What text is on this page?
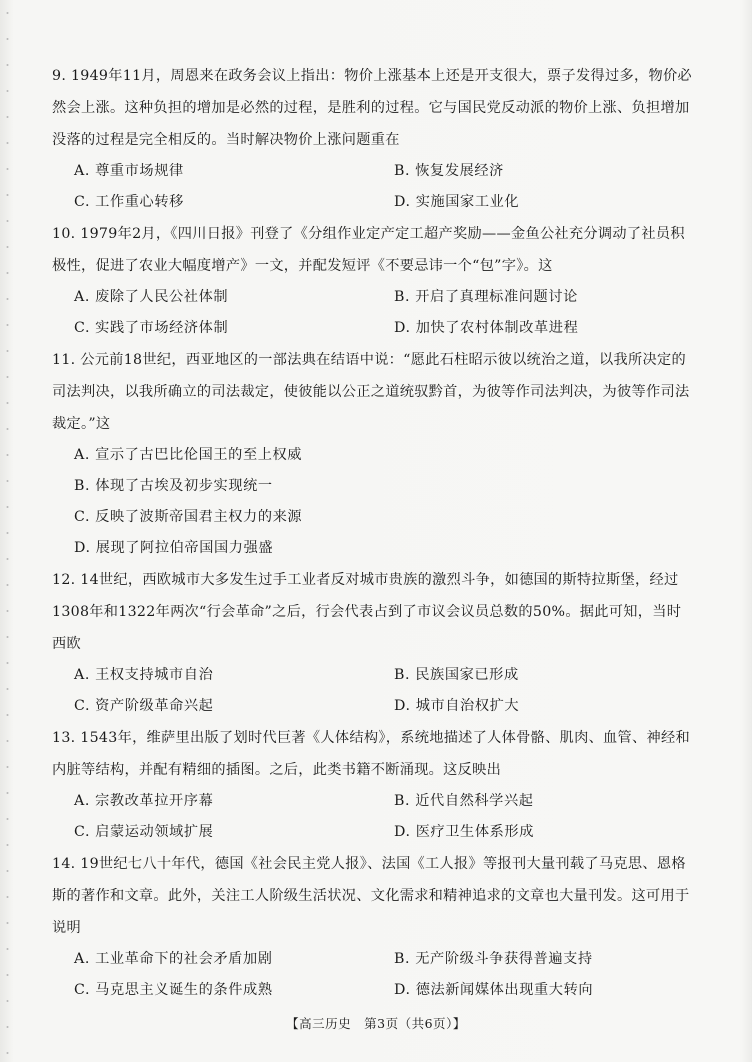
9. 1949年11月，周恩来在政务会议上指出：物价上涨基本上还是开支很大，票子发得过多，物价必然会上涨。这种负担的增加是必然的过程，是胜利的过程。它与国民党反动派的物价上涨、负担增加没落的过程是完全相反的。当时解决物价上涨问题重在

A. 尊重市场规律	B. 恢复发展经济
C. 工作重心转移	D. 实施国家工业化

10. 1979年2月，《四川日报》刊登了《分组作业定产定工超产奖励——金鱼公社充分调动了社员积极性，促进了农业大幅度增产》一文，并配发短评《不要忌讳一个“包”字》。这

A. 废除了人民公社体制	B. 开启了真理标准问题讨论
C. 实践了市场经济体制	D. 加快了农村体制改革进程

11. 公元前18世纪，西亚地区的一部法典在结语中说：“愿此石柱昭示彼以统治之道，以我所决定的司法判决，以我所确立的司法裁定，使彼能以公正之道统驭黔首，为彼等作司法判决，为彼等作司法裁定。”这

A. 宣示了古巴比伦国王的至上权威
B. 体现了古埃及初步实现统一
C. 反映了波斯帝国君主权力的来源
D. 展现了阿拉伯帝国国力强盛

12. 14世纪，西欧城市大多发生过手工业者反对城市贵族的激烈斗争，如德国的斯特拉斯堡，经过1308年和1322年两次“行会革命”之后，行会代表占到了市议会议员总数的50%。据此可知，当时西欧

A. 王权支持城市自治	B. 民族国家已形成
C. 资产阶级革命兴起	D. 城市自治权扩大

13. 1543年，维萨里出版了划时代巨著《人体结构》，系统地描述了人体骨骼、肌肉、血管、神经和内脏等结构，并配有精细的插图。之后，此类书籍不断涌现。这反映出

A. 宗教改革拉开序幕	B. 近代自然科学兴起
C. 启蒙运动领域扩展	D. 医疗卫生体系形成

14. 19世纪七八十年代，德国《社会民主党人报》、法国《工人报》等报刊大量刊载了马克思、恩格斯的著作和文章。此外，关注工人阶级生活状况、文化需求和精神追求的文章也大量刊发。这可用于说明

A. 工业革命下的社会矛盾加剧	B. 无产阶级斗争获得普遍支持
C. 马克思主义诞生的条件成熟	D. 德法新闻媒体出现重大转向
【高三历史　第3页（共6页）】
